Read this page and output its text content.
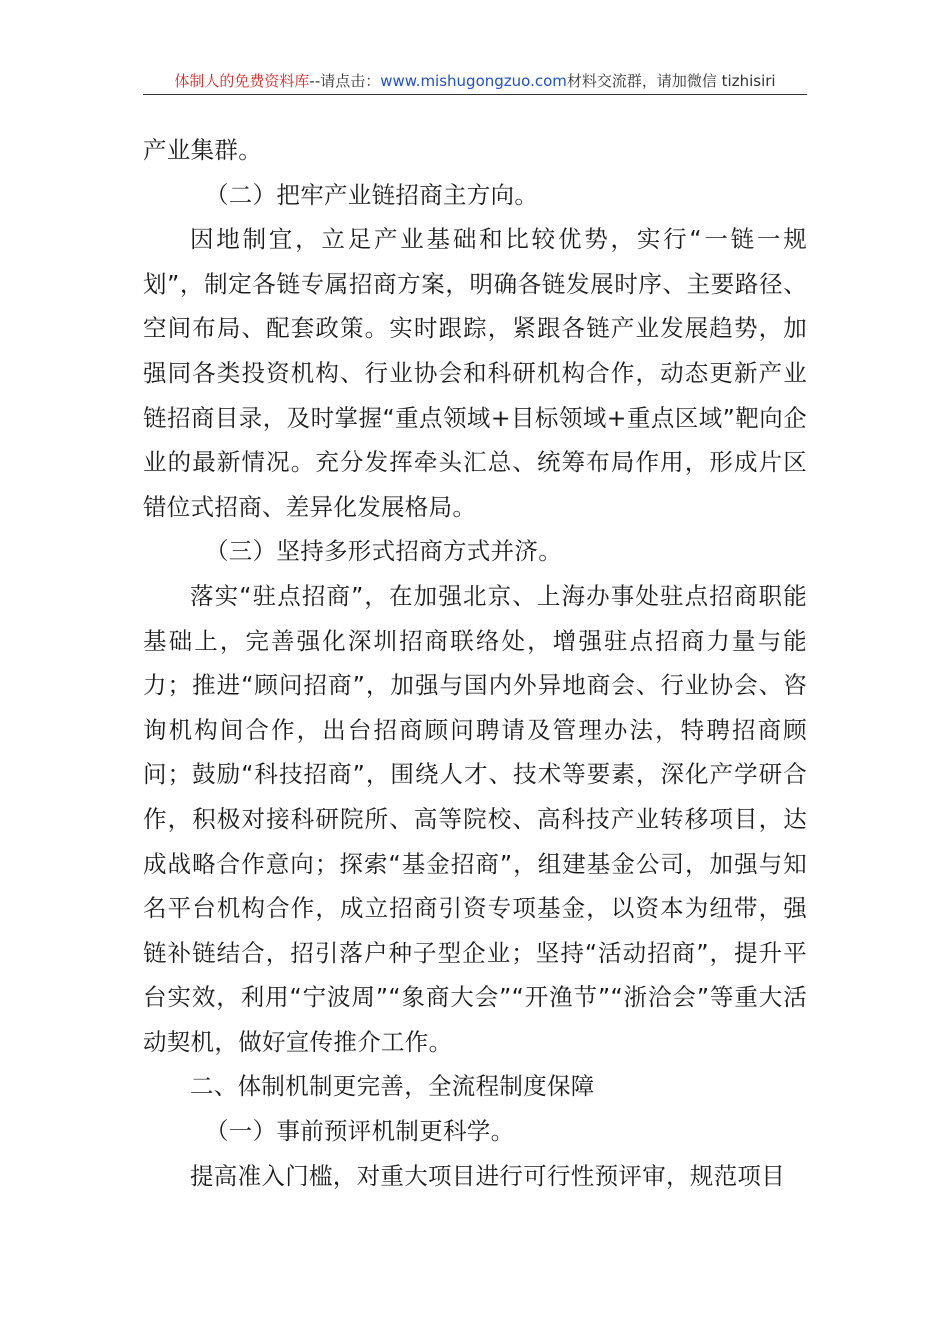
体制人的免费资料库--请点击：www.mishugongzuo.com材料交流群，请加微信 tizhisiri

产业集群。

（二）把牢产业链招商主方向。

因地制宜，立足产业基础和比较优势，实行“一链一规划”，制定各链专属招商方案，明确各链发展时序、主要路径、空间布局、配套政策。实时跟踪，紧跟各链产业发展趋势，加强同各类投资机构、行业协会和科研机构合作，动态更新产业链招商目录，及时掌握“重点领域+目标领域+重点区域”靶向企业的最新情况。充分发挥牵头汇总、统筹布局作用，形成片区错位式招商、差异化发展格局。

（三）坚持多形式招商方式并济。

落实“驻点招商”，在加强北京、上海办事处驻点招商职能基础上，完善强化深圳招商联络处，增强驻点招商力量与能力；推进“顾问招商”，加强与国内外异地商会、行业协会、咨询机构间合作，出台招商顾问聘请及管理办法，特聘招商顾问；鼓励“科技招商”，围绕人才、技术等要素，深化产学研合作，积极对接科研院所、高等院校、高科技产业转移项目，达成战略合作意向；探索“基金招商”，组建基金公司，加强与知名平台机构合作，成立招商引资专项基金，以资本为纽带，强链补链结合，招引落户种子型企业；坚持“活动招商”，提升平台实效，利用“宁波周”“象商大会”“开渔节”“浙洽会”等重大活动契机，做好宣传推介工作。

二、体制机制更完善，全流程制度保障

（一）事前预评机制更科学。

提高准入门槛，对重大项目进行可行性预评审，规范项目
